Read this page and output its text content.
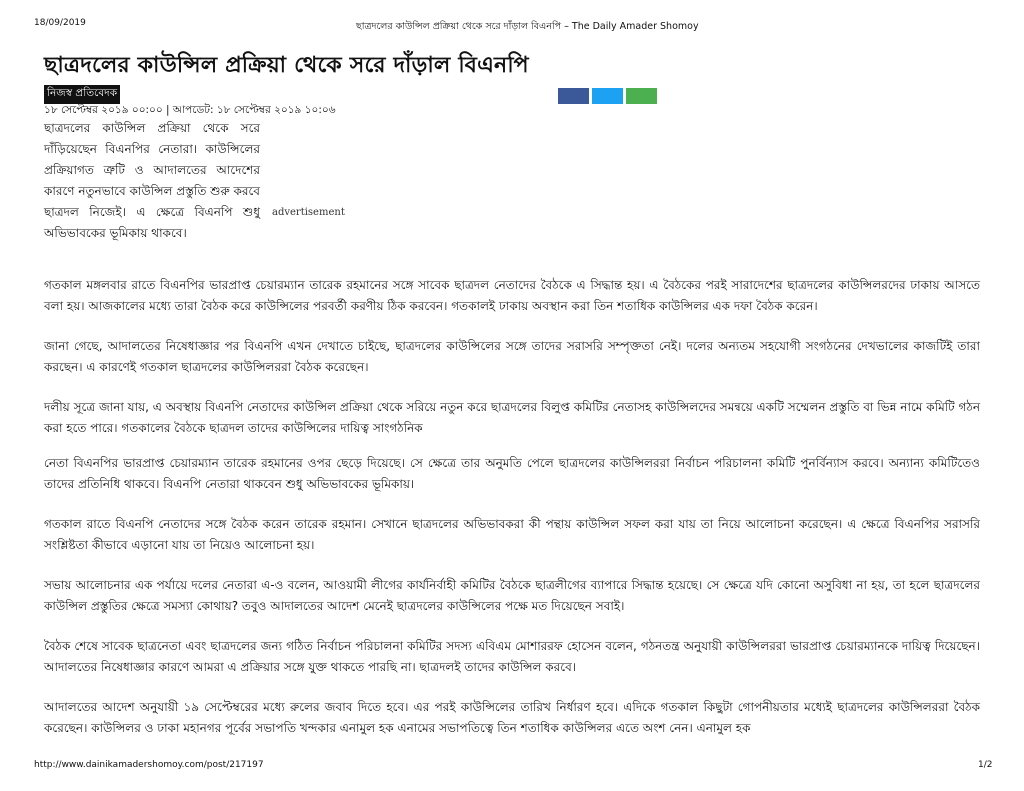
18/09/2019	ছাত্রদলের কাউন্সিল প্রক্রিয়া থেকে সরে দাঁড়াল বিএনপি – The Daily Amader Shomoy
ছাত্রদলের কাউন্সিল প্রক্রিয়া থেকে সরে দাঁড়াল বিএনপি
নিজস্ব প্রতিবেদক
১৮ সেপ্টেম্বর ২০১৯ ০০:০০ | আপডেট: ১৮ সেপ্টেম্বর ২০১৯ ১০:০৬
ছাত্রদলের কাউন্সিল প্রক্রিয়া থেকে সরে দাঁড়িয়েছেন বিএনপির নেতারা। কাউন্সিলের প্রক্রিয়াগত ত্রুটি ও আদালতের আদেশের কারণে নতুনভাবে কাউন্সিল প্রস্তুতি শুরু করবে ছাত্রদল নিজেই। এ ক্ষেত্রে বিএনপি শুধু অভিভাবকের ভূমিকায় থাকবে।
advertisement

গতকাল মঙ্গলবার রাতে বিএনপির ভারপ্রাপ্ত চেয়ারম্যান তারেক রহমানের সঙ্গে সাবেক ছাত্রদল নেতাদের বৈঠকে এ সিদ্ধান্ত হয়। এ বৈঠকের পরই সারাদেশের ছাত্রদলের কাউন্সিলরদের ঢাকায় আসতে বলা হয়। আজকালের মধ্যে তারা বৈঠক করে কাউন্সিলের পরবর্তী করণীয় ঠিক করবেন। গতকালই ঢাকায় অবস্থান করা তিন শতাধিক কাউন্সিলর এক দফা বৈঠক করেন।

জানা গেছে, আদালতের নিষেধাজ্ঞার পর বিএনপি এখন দেখাতে চাইছে, ছাত্রদলের কাউন্সিলের সঙ্গে তাদের সরাসরি সম্পৃক্ততা নেই। দলের অন্যতম সহযোগী সংগঠনের দেখভালের কাজটিই তারা করছেন। এ কারণেই গতকাল ছাত্রদলের কাউন্সিলররা বৈঠক করেছেন।

দলীয় সূত্রে জানা যায়, এ অবস্থায় বিএনপি নেতাদের কাউন্সিল প্রক্রিয়া থেকে সরিয়ে নতুন করে ছাত্রদলের বিলুপ্ত কমিটির নেতাসহ কাউন্সিলদের সমন্বয়ে একটি সম্মেলন প্রস্তুতি বা ভিন্ন নামে কমিটি গঠন করা হতে পারে। গতকালের বৈঠকে ছাত্রদল তাদের কাউন্সিলের দায়িত্ব সাংগঠনিক

নেতা বিএনপির ভারপ্রাপ্ত চেয়ারম্যান তারেক রহমানের ওপর ছেড়ে দিয়েছে। সে ক্ষেত্রে তার অনুমতি পেলে ছাত্রদলের কাউন্সিলররা নির্বাচন পরিচালনা কমিটি পুনর্বিন্যাস করবে। অন্যান্য কমিটিতেও তাদের প্রতিনিধি থাকবে। বিএনপি নেতারা থাকবেন শুধু অভিভাবকের ভূমিকায়।

গতকাল রাতে বিএনপি নেতাদের সঙ্গে বৈঠক করেন তারেক রহমান। সেখানে ছাত্রদলের অভিভাবকরা কী পন্থায় কাউন্সিল সফল করা যায় তা নিয়ে আলোচনা করেছেন। এ ক্ষেত্রে বিএনপির সরাসরি সংশ্লিষ্টতা কীভাবে এড়ানো যায় তা নিয়েও আলোচনা হয়।

সভায় আলোচনার এক পর্যায়ে দলের নেতারা এ-ও বলেন, আওয়ামী লীগের কার্যনির্বাহী কমিটির বৈঠকে ছাত্রলীগের ব্যাপারে সিদ্ধান্ত হয়েছে। সে ক্ষেত্রে যদি কোনো অসুবিধা না হয়, তা হলে ছাত্রদলের কাউন্সিল প্রস্তুতির ক্ষেত্রে সমস্যা কোথায়? তবুও আদালতের আদেশ মেনেই ছাত্রদলের কাউন্সিলের পক্ষে মত দিয়েছেন সবাই।

বৈঠক শেষে সাবেক ছাত্রনেতা এবং ছাত্রদলের জন্য গঠিত নির্বাচন পরিচালনা কমিটির সদস্য এবিএম মোশাররফ হোসেন বলেন, গঠনতন্ত্র অনুযায়ী কাউন্সিলররা ভারপ্রাপ্ত চেয়ারম্যানকে দায়িত্ব দিয়েছেন। আদালতের নিষেধাজ্ঞার কারণে আমরা এ প্রক্রিয়ার সঙ্গে যুক্ত থাকতে পারছি না। ছাত্রদলই তাদের কাউন্সিল করবে।

আদালতের আদেশ অনুযায়ী ১৯ সেপ্টেম্বরের মধ্যে রুলের জবাব দিতে হবে। এর পরই কাউন্সিলের তারিখ নির্ধারণ হবে। এদিকে গতকাল কিছুটা গোপনীয়তার মধ্যেই ছাত্রদলের কাউন্সিলররা বৈঠক করেছেন। কাউন্সিলর ও ঢাকা মহানগর পূর্বের সভাপতি খন্দকার এনামুল হক এনামের সভাপতিত্বে তিন শতাধিক কাউন্সিলর এতে অংশ নেন। এনামুল হক

http://www.dainikamadershomoy.com/post/217197	1/2
